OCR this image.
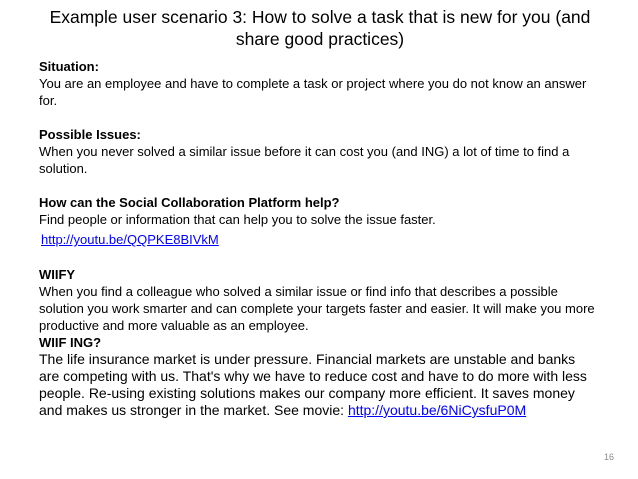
Example user scenario 3: How to solve a task that is new for you (and
share good practices)
Situation:
You are an employee and have to complete a task or project where you do not know an answer for.
Possible Issues:
When you never solved a similar issue before it can cost you (and ING) a lot of time to find a solution.
How can the Social Collaboration Platform help?
Find people or information that can help you to solve the issue faster.
http://youtu.be/QQPKE8BIVkM
WIIFY
When you find a colleague who solved a similar issue or find info that describes a possible solution you work smarter and can complete your targets faster and easier. It will make you more productive and more valuable as an employee.
WIIF ING?
The life insurance market is under pressure. Financial markets are unstable and banks are competing with us. That's why we have to reduce cost and have to do more with less people. Re-using existing solutions makes our company more efficient. It saves money and makes us stronger in the market. See movie: http://youtu.be/6NiCysfuP0M
16
